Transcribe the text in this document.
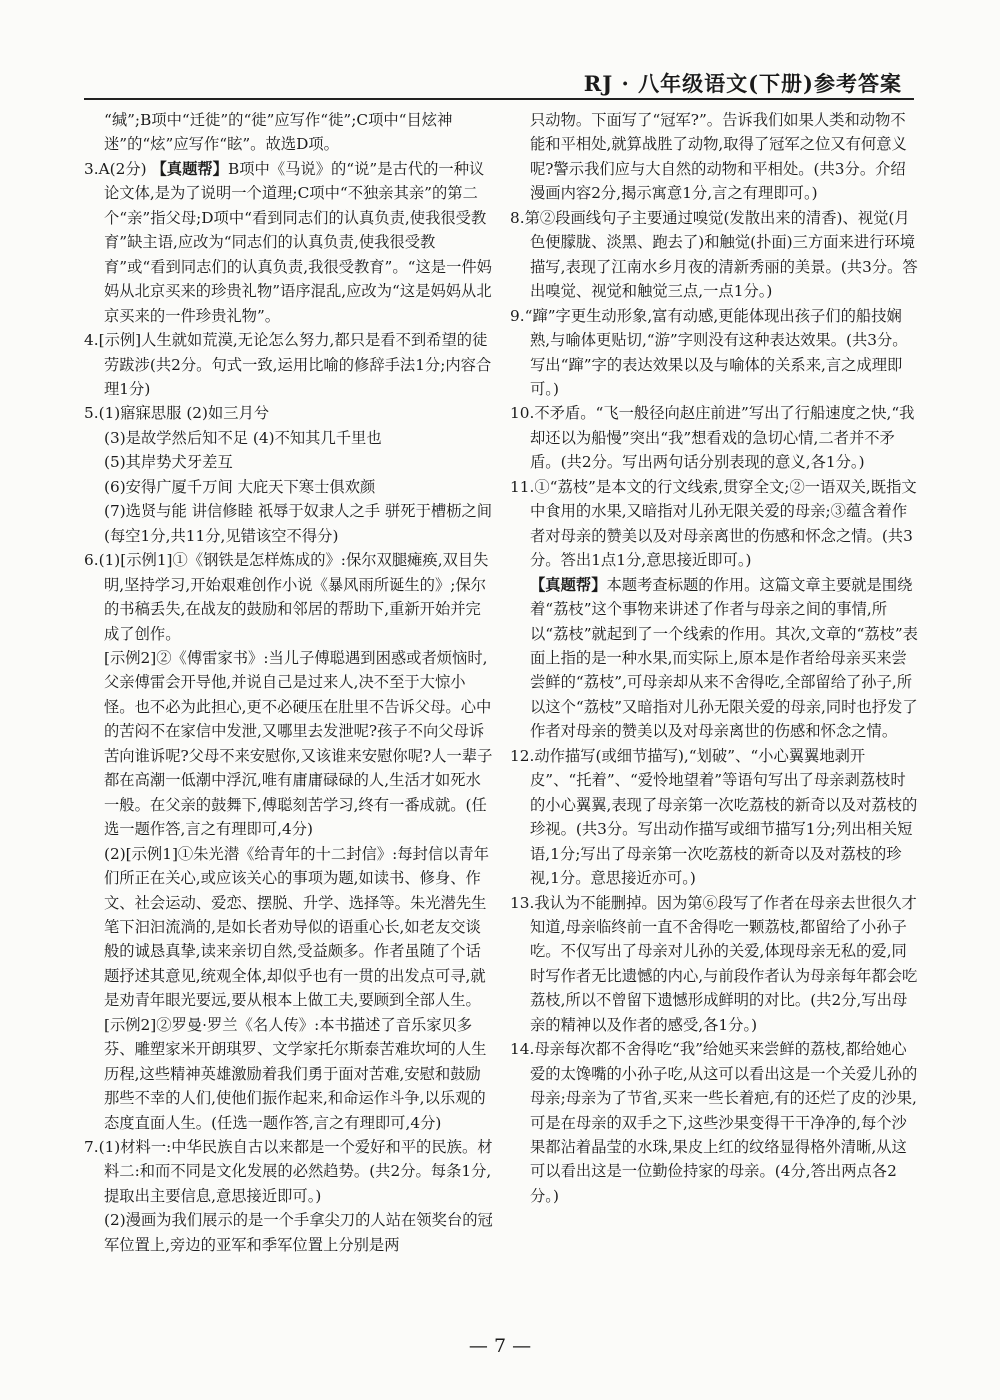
RJ · 八年级语文(下册)参考答案

“缄”;B项中“迁徙”的“徙”应写作“徙”;C项中“目炫神迷”的“炫”应写作“眩”。故选D项。

3.A(2分) 【真题帮】B项中《马说》的“说”是古代的一种议论文体,是为了说明一个道理;C项中“不独亲其亲”的第二个“亲”指父母;D项中“看到同志们的认真负责,使我很受教育”缺主语,应改为“同志们的认真负责,使我很受教育”或“看到同志们的认真负责,我很受教育”。“这是一件妈妈从北京买来的珍贵礼物”语序混乱,应改为“这是妈妈从北京买来的一件珍贵礼物”。

4.[示例]人生就如荒漠,无论怎么努力,都只是看不到希望的徒劳跋涉(共2分。句式一致,运用比喻的修辞手法1分;内容合理1分)

5.(1)寤寐思服 (2)如三月兮

(3)是故学然后知不足 (4)不知其几千里也

(5)其岸势犬牙差互

(6)安得广厦千万间 大庇天下寒士俱欢颜

(7)选贤与能 讲信修睦 祇辱于奴隶人之手 骈死于槽枥之间(每空1分,共11分,见错该空不得分)

6.(1)[示例1]①《钢铁是怎样炼成的》:保尔双腿瘫痪,双目失明,坚持学习,开始艰难创作小说《暴风雨所诞生的》;保尔的书稿丢失,在战友的鼓励和邻居的帮助下,重新开始并完成了创作。

[示例2]②《傅雷家书》:当儿子傅聪遇到困惑或者烦恼时,父亲傅雷会开导他,并说自己是过来人,决不至于大惊小怪。也不必为此担心,更不必硬压在肚里不告诉父母。心中的苦闷不在家信中发泄,又哪里去发泄呢?孩子不向父母诉苦向谁诉呢?父母不来安慰你,又该谁来安慰你呢?人一辈子都在高潮一低潮中浮沉,唯有庸庸碌碌的人,生活才如死水一般。在父亲的鼓舞下,傅聪刻苦学习,终有一番成就。(任选一题作答,言之有理即可,4分)

(2)[示例1]①朱光潜《给青年的十二封信》:每封信以青年们所正在关心,或应该关心的事项为题,如读书、修身、作文、社会运动、爱恋、摆脱、升学、选择等。朱光潜先生笔下汩汩流淌的,是如长者劝导似的语重心长,如老友交谈般的诚恳真挚,读来亲切自然,受益颇多。作者虽随了个话题抒述其意见,统观全体,却似乎也有一贯的出发点可寻,就是劝青年眼光要远,要从根本上做工夫,要顾到全部人生。

[示例2]②罗曼·罗兰《名人传》:本书描述了音乐家贝多芬、雕塑家米开朗琪罗、文学家托尔斯泰苦难坎坷的人生历程,这些精神英雄激励着我们勇于面对苦难,安慰和鼓励那些不幸的人们,使他们振作起来,和命运作斗争,以乐观的态度直面人生。(任选一题作答,言之有理即可,4分)

7.(1)材料一:中华民族自古以来都是一个爱好和平的民族。材料二:和而不同是文化发展的必然趋势。(共2分。每条1分,提取出主要信息,意思接近即可。)

(2)漫画为我们展示的是一个手拿尖刀的人站在领奖台的冠军位置上,旁边的亚军和季军位置上分别是两

只动物。下面写了“冠军?”。告诉我们如果人类和动物不能和平相处,就算战胜了动物,取得了冠军之位又有何意义呢?警示我们应与大自然的动物和平相处。(共3分。介绍漫画内容2分,揭示寓意1分,言之有理即可。)

8.第②段画线句子主要通过嗅觉(发散出来的清香)、视觉(月色便朦胧、淡黑、跑去了)和触觉(扑面)三方面来进行环境描写,表现了江南水乡月夜的清新秀丽的美景。(共3分。答出嗅觉、视觉和触觉三点,一点1分。)

9.“蹿”字更生动形象,富有动感,更能体现出孩子们的船技娴熟,与喻体更贴切,“游”字则没有这种表达效果。(共3分。写出“蹿”字的表达效果以及与喻体的关系来,言之成理即可。)

10.不矛盾。“飞一般径向赵庄前进”写出了行船速度之快,“我却还以为船慢”突出“我”想看戏的急切心情,二者并不矛盾。(共2分。写出两句话分别表现的意义,各1分。)

11.①“荔枝”是本文的行文线索,贯穿全文;②一语双关,既指文中食用的水果,又暗指对儿孙无限关爱的母亲;③蕴含着作者对母亲的赞美以及对母亲离世的伤感和怀念之情。(共3分。答出1点1分,意思接近即可。)

【真题帮】本题考查标题的作用。这篇文章主要就是围绕着“荔枝”这个事物来讲述了作者与母亲之间的事情,所以“荔枝”就起到了一个线索的作用。其次,文章的“荔枝”表面上指的是一种水果,而实际上,原本是作者给母亲买来尝尝鲜的“荔枝”,可母亲却从来不舍得吃,全部留给了孙子,所以这个“荔枝”又暗指对儿孙无限关爱的母亲,同时也抒发了作者对母亲的赞美以及对母亲离世的伤感和怀念之情。

12.动作描写(或细节描写),“划破”、“小心翼翼地剥开皮”、“托着”、“爱怜地望着”等语句写出了母亲剥荔枝时的小心翼翼,表现了母亲第一次吃荔枝的新奇以及对荔枝的珍视。(共3分。写出动作描写或细节描写1分;列出相关短语,1分;写出了母亲第一次吃荔枝的新奇以及对荔枝的珍视,1分。意思接近亦可。)

13.我认为不能删掉。因为第⑥段写了作者在母亲去世很久才知道,母亲临终前一直不舍得吃一颗荔枝,都留给了小孙子吃。不仅写出了母亲对儿孙的关爱,体现母亲无私的爱,同时写作者无比遗憾的内心,与前段作者认为母亲每年都会吃荔枝,所以不曾留下遗憾形成鲜明的对比。(共2分,写出母亲的精神以及作者的感受,各1分。)

14.母亲每次都不舍得吃“我”给她买来尝鲜的荔枝,都给她心爱的太馋嘴的小孙子吃,从这可以看出这是一个关爱儿孙的母亲;母亲为了节省,买来一些长着疤,有的还烂了皮的沙果,可是在母亲的双手之下,这些沙果变得干干净净的,每个沙果都沾着晶莹的水珠,果皮上红的纹络显得格外清晰,从这可以看出这是一位勤俭持家的母亲。(4分,答出两点各2分。)

— 7 —
